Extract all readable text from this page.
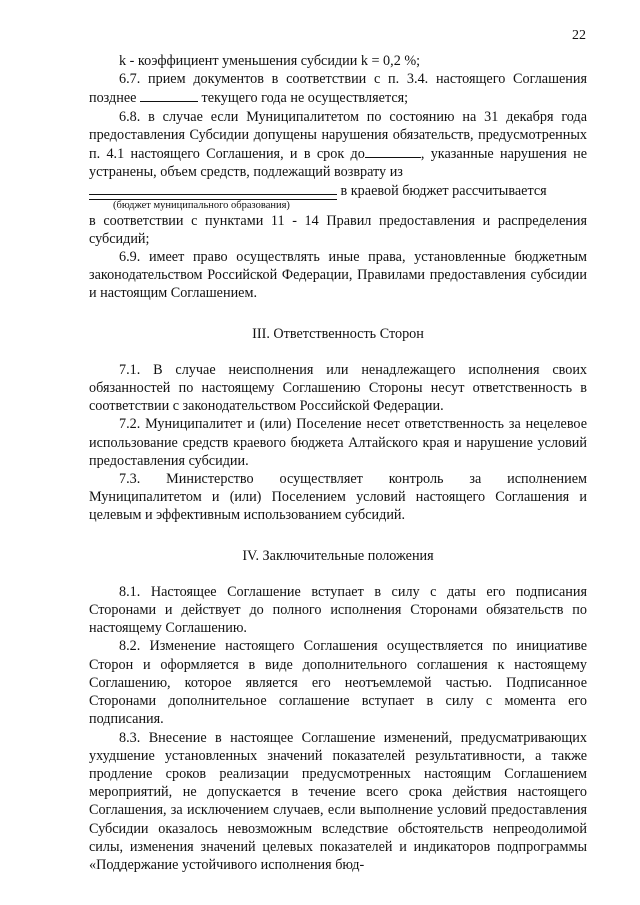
22

k - коэффициент уменьшения субсидии k = 0,2 %;

6.7. прием документов в соответствии с п. 3.4. настоящего Соглашения позднее	текущего года не осуществляется;

6.8. в случае если Муниципалитетом по состоянию на 31 декабря года предоставления Субсидии допущены нарушения обязательств, предусмотренных п. 4.1 настоящего Соглашения, и в срок до	, указанные нарушения не устранены, объем средств, подлежащий возврату из

в краевой бюджет рассчитывается

(бюджет муниципального образования)

в соответствии с пунктами 11 - 14 Правил предоставления и распределения субсидий;

6.9. имеет право осуществлять иные права, установленные бюджетным законодательством Российской Федерации, Правилами предоставления субсидии и настоящим Соглашением.

III. Ответственность Сторон

7.1. В случае неисполнения или ненадлежащего исполнения своих обязанностей по настоящему Соглашению Стороны несут ответственность в соответствии с законодательством Российской Федерации.

7.2. Муниципалитет и (или) Поселение несет ответственность за нецелевое использование средств краевого бюджета Алтайского края и нарушение условий предоставления субсидии.

7.3. Министерство осуществляет контроль за исполнением Муниципалитетом и (или) Поселением условий настоящего Соглашения и целевым и эффективным использованием субсидий.

IV. Заключительные положения

8.1. Настоящее Соглашение вступает в силу с даты его подписания Сторонами и действует до полного исполнения Сторонами обязательств по настоящему Соглашению.

8.2. Изменение настоящего Соглашения осуществляется по инициативе Сторон и оформляется в виде дополнительного соглашения к настоящему Соглашению, которое является его неотъемлемой частью. Подписанное Сторонами дополнительное соглашение вступает в силу с момента его подписания.

8.3. Внесение в настоящее Соглашение изменений, предусматривающих ухудшение установленных значений показателей результативности, а также продление сроков реализации предусмотренных настоящим Соглашением мероприятий, не допускается в течение всего срока действия настоящего Соглашения, за исключением случаев, если выполнение условий предоставления Субсидии оказалось невозможным вследствие обстоятельств непреодолимой силы, изменения значений целевых показателей и индикаторов подпрограммы «Поддержание устойчивого исполнения бюд-
